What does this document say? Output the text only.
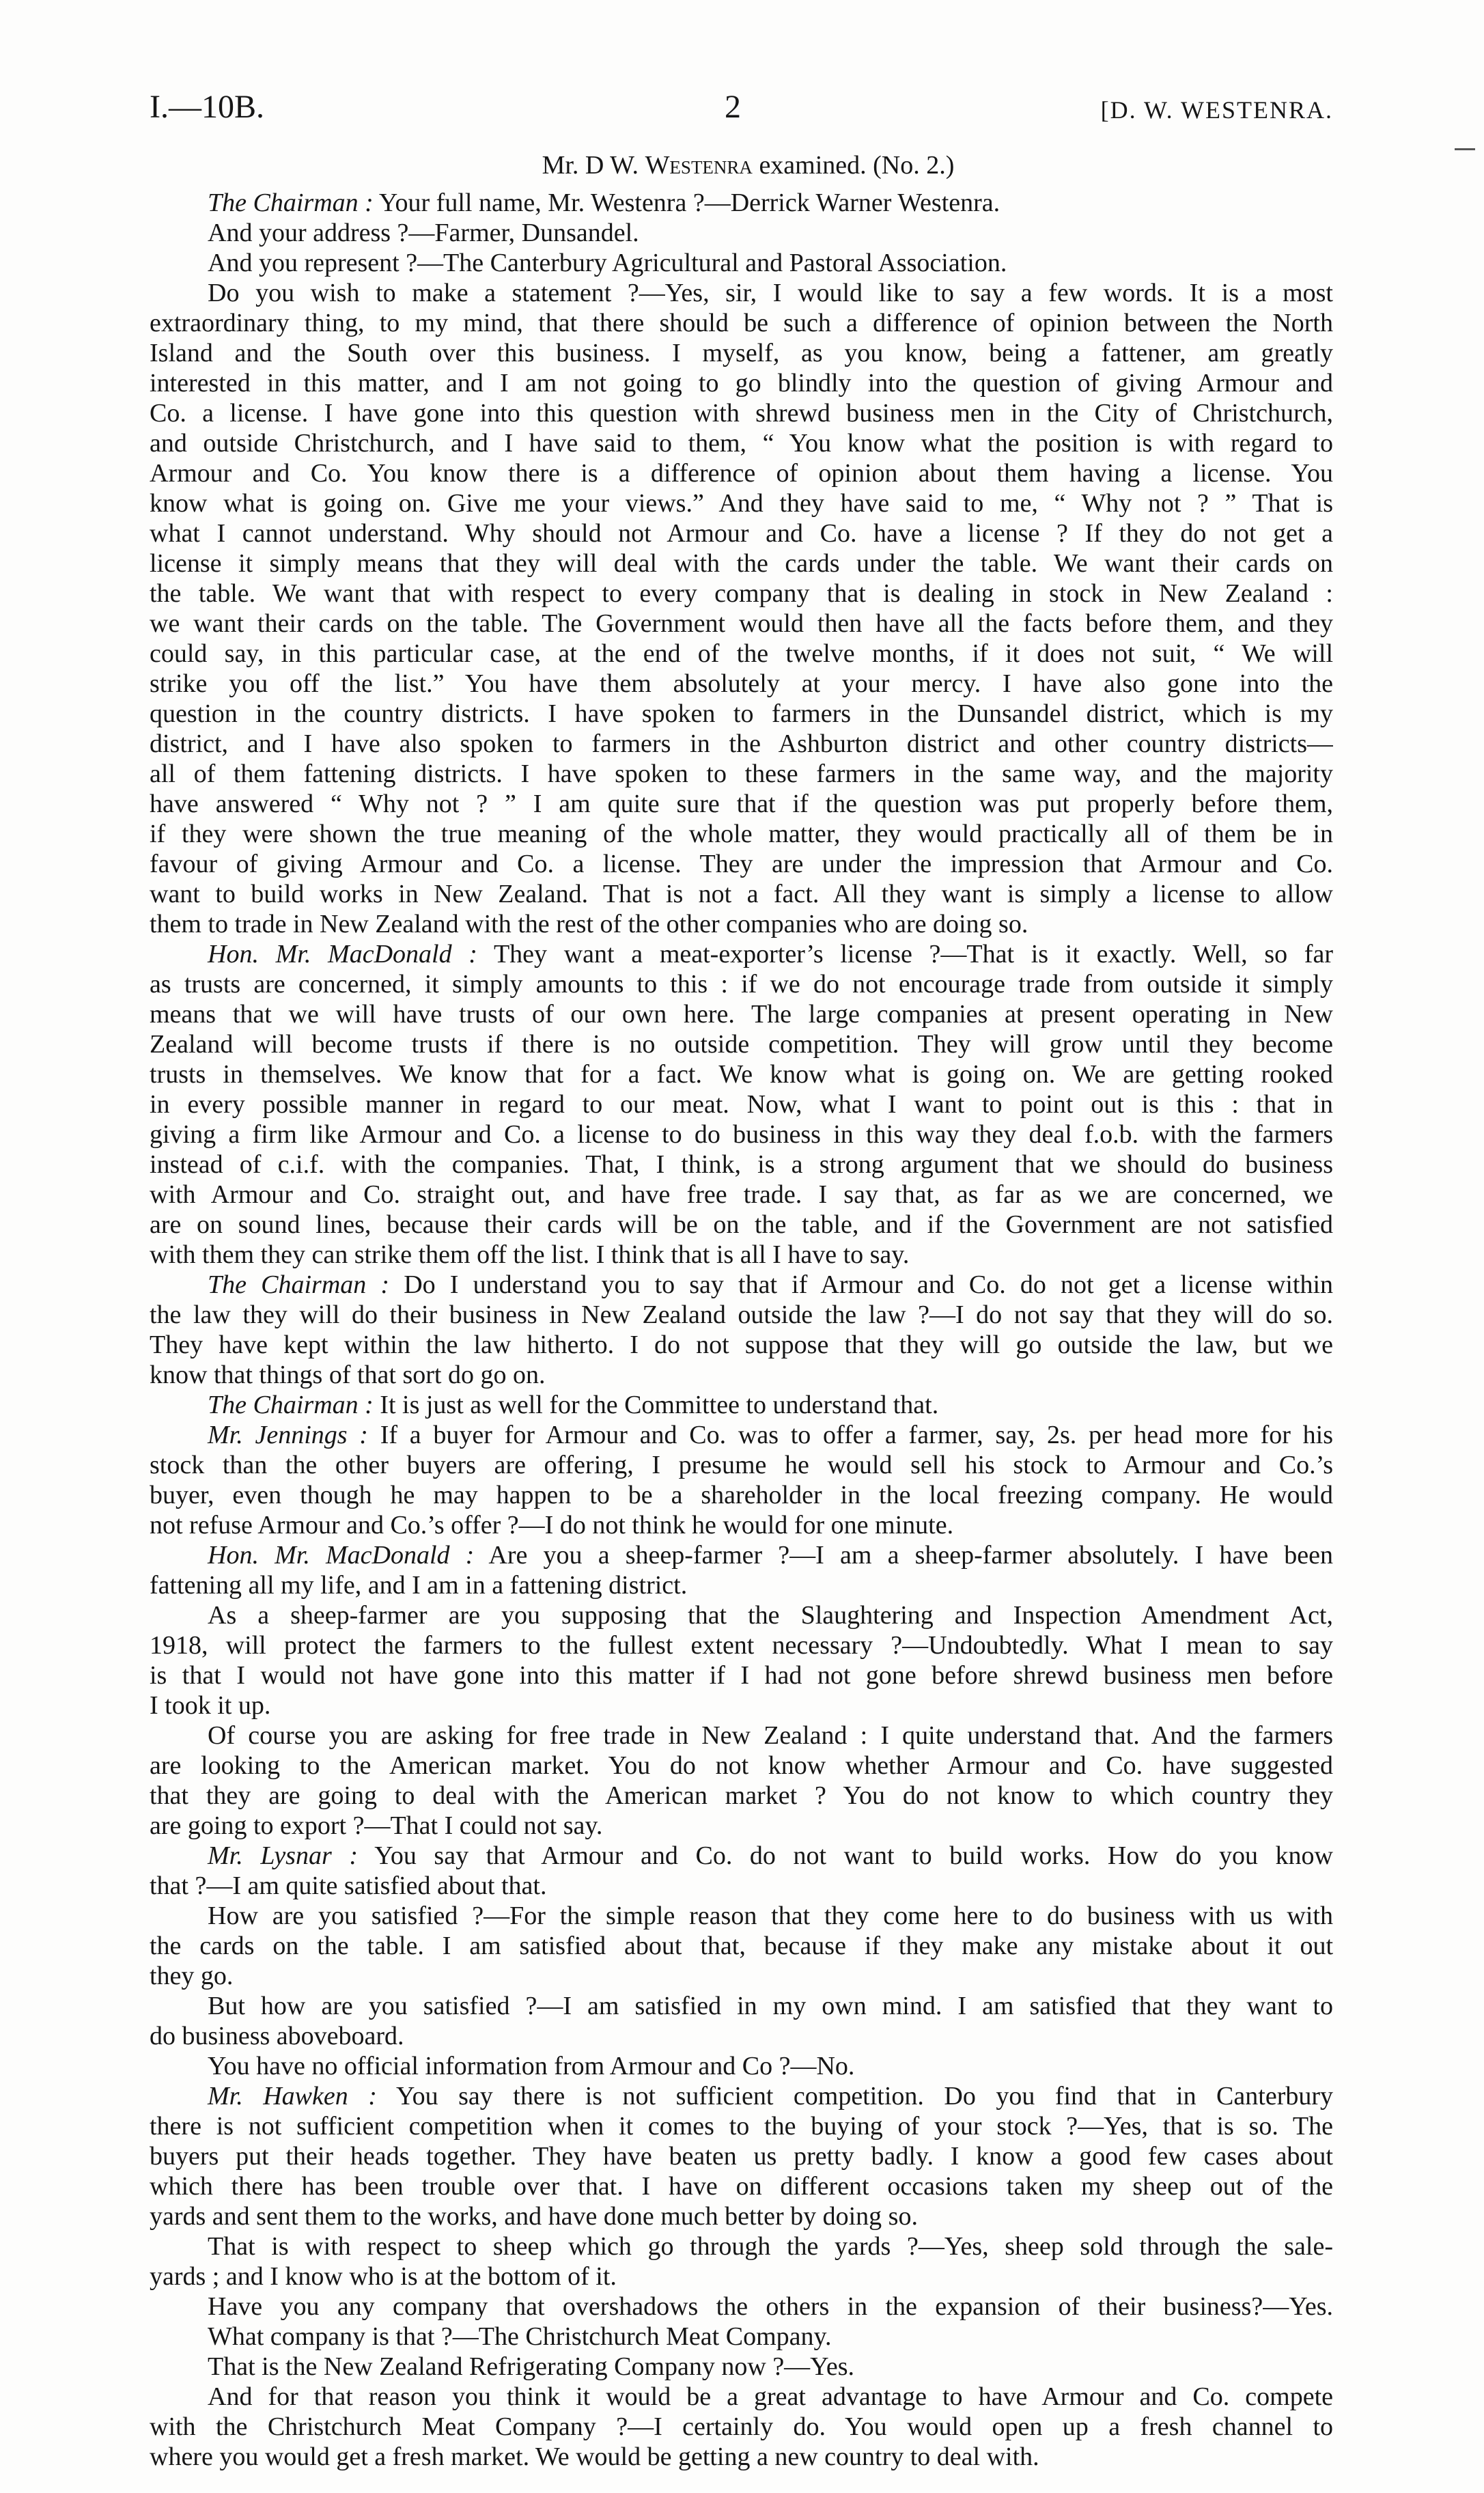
I.—10B.	2	[D. W. WESTENRA.
Mr. D W. Westenra examined. (No. 2.)
The Chairman : Your full name, Mr. Westenra ?—Derrick Warner Westenra.
And your address ?—Farmer, Dunsandel.
And you represent ?—The Canterbury Agricultural and Pastoral Association.
Do you wish to make a statement ?—Yes, sir, I would like to say a few words. It is a most
extraordinary thing, to my mind, that there should be such a difference of opinion between the North
Island and the South over this business. I myself, as you know, being a fattener, am greatly
interested in this matter, and I am not going to go blindly into the question of giving Armour and
Co. a license. I have gone into this question with shrewd business men in the City of Christchurch,
and outside Christchurch, and I have said to them, “ You know what the position is with regard to
Armour and Co. You know there is a difference of opinion about them having a license. You
know what is going on. Give me your views.” And they have said to me, “ Why not ? ” That is
what I cannot understand. Why should not Armour and Co. have a license ? If they do not get a
license it simply means that they will deal with the cards under the table. We want their cards on
the table. We want that with respect to every company that is dealing in stock in New Zealand :
we want their cards on the table. The Government would then have all the facts before them, and they
could say, in this particular case, at the end of the twelve months, if it does not suit, “ We will
strike you off the list.” You have them absolutely at your mercy. I have also gone into the
question in the country districts. I have spoken to farmers in the Dunsandel district, which is my
district, and I have also spoken to farmers in the Ashburton district and other country districts—
all of them fattening districts. I have spoken to these farmers in the same way, and the majority
have answered “ Why not ? ” I am quite sure that if the question was put properly before them,
if they were shown the true meaning of the whole matter, they would practically all of them be in
favour of giving Armour and Co. a license. They are under the impression that Armour and Co.
want to build works in New Zealand. That is not a fact. All they want is simply a license to allow
them to trade in New Zealand with the rest of the other companies who are doing so.
Hon. Mr. MacDonald : They want a meat-exporter’s license ?—That is it exactly. Well, so far
as trusts are concerned, it simply amounts to this : if we do not encourage trade from outside it simply
means that we will have trusts of our own here. The large companies at present operating in New
Zealand will become trusts if there is no outside competition. They will grow until they become
trusts in themselves. We know that for a fact. We know what is going on. We are getting rooked
in every possible manner in regard to our meat. Now, what I want to point out is this : that in
giving a firm like Armour and Co. a license to do business in this way they deal f.o.b. with the farmers
instead of c.i.f. with the companies. That, I think, is a strong argument that we should do business
with Armour and Co. straight out, and have free trade. I say that, as far as we are concerned, we
are on sound lines, because their cards will be on the table, and if the Government are not satisfied
with them they can strike them off the list. I think that is all I have to say.
The Chairman : Do I understand you to say that if Armour and Co. do not get a license within
the law they will do their business in New Zealand outside the law ?—I do not say that they will do so.
They have kept within the law hitherto. I do not suppose that they will go outside the law, but we
know that things of that sort do go on.
The Chairman : It is just as well for the Committee to understand that.
Mr. Jennings : If a buyer for Armour and Co. was to offer a farmer, say, 2s. per head more for his
stock than the other buyers are offering, I presume he would sell his stock to Armour and Co.’s
buyer, even though he may happen to be a shareholder in the local freezing company. He would
not refuse Armour and Co.’s offer ?—I do not think he would for one minute.
Hon. Mr. MacDonald : Are you a sheep-farmer ?—I am a sheep-farmer absolutely. I have been
fattening all my life, and I am in a fattening district.
As a sheep-farmer are you supposing that the Slaughtering and Inspection Amendment Act,
1918, will protect the farmers to the fullest extent necessary ?—Undoubtedly. What I mean to say
is that I would not have gone into this matter if I had not gone before shrewd business men before
I took it up.
Of course you are asking for free trade in New Zealand : I quite understand that. And the farmers
are looking to the American market. You do not know whether Armour and Co. have suggested
that they are going to deal with the American market ? You do not know to which country they
are going to export ?—That I could not say.
Mr. Lysnar : You say that Armour and Co. do not want to build works. How do you know
that ?—I am quite satisfied about that.
How are you satisfied ?—For the simple reason that they come here to do business with us with
the cards on the table. I am satisfied about that, because if they make any mistake about it out
they go.
But how are you satisfied ?—I am satisfied in my own mind. I am satisfied that they want to
do business aboveboard.
You have no official information from Armour and Co ?—No.
Mr. Hawken : You say there is not sufficient competition. Do you find that in Canterbury
there is not sufficient competition when it comes to the buying of your stock ?—Yes, that is so. The
buyers put their heads together. They have beaten us pretty badly. I know a good few cases about
which there has been trouble over that. I have on different occasions taken my sheep out of the
yards and sent them to the works, and have done much better by doing so.
That is with respect to sheep which go through the yards ?—Yes, sheep sold through the sale-
yards ; and I know who is at the bottom of it.
Have you any company that overshadows the others in the expansion of their business?—Yes.
What company is that ?—The Christchurch Meat Company.
That is the New Zealand Refrigerating Company now ?—Yes.
And for that reason you think it would be a great advantage to have Armour and Co. compete
with the Christchurch Meat Company ?—I certainly do. You would open up a fresh channel to
where you would get a fresh market. We would be getting a new country to deal with.
